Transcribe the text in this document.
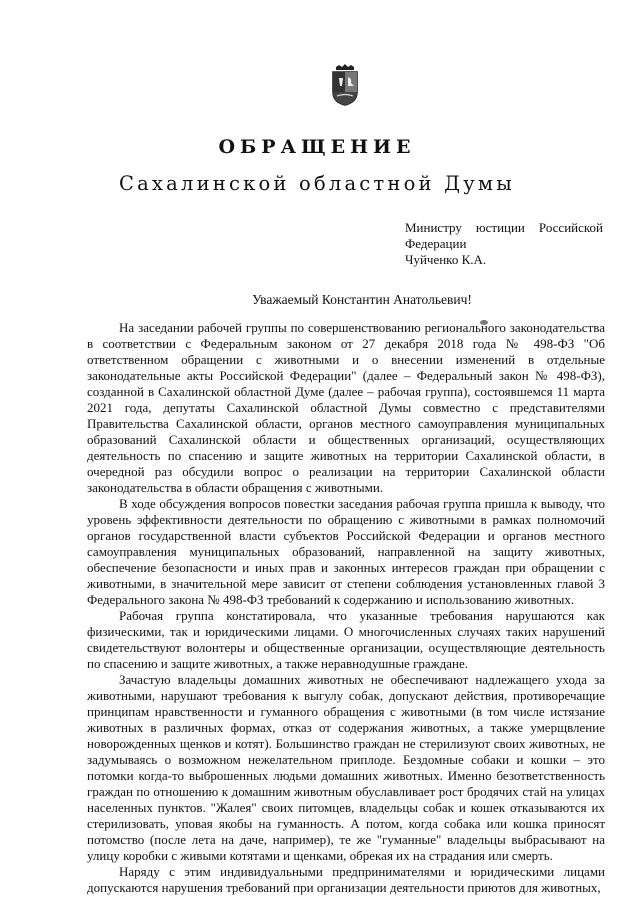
ОБРАЩЕНИЕ
Сахалинской областной Думы
Министру юстиции Российской
Федерации
Чуйченко К.А.
Уважаемый Константин Анатольевич!

На заседании рабочей группы по совершенствованию регионального законодательства в соответствии с Федеральным законом от 27 декабря 2018 года № 498-ФЗ "Об ответственном обращении с животными и о внесении изменений в отдельные законодательные акты Российской Федерации" (далее – Федеральный закон № 498-ФЗ), созданной в Сахалинской областной Думе (далее – рабочая группа), состоявшемся 11 марта 2021 года, депутаты Сахалинской областной Думы совместно с представителями Правительства Сахалинской области, органов местного самоуправления муниципальных образований Сахалинской области и общественных организаций, осуществляющих деятельность по спасению и защите животных на территории Сахалинской области, в очередной раз обсудили вопрос о реализации на территории Сахалинской области законодательства в области обращения с животными.

В ходе обсуждения вопросов повестки заседания рабочая группа пришла к выводу, что уровень эффективности деятельности по обращению с животными в рамках полномочий органов государственной власти субъектов Российской Федерации и органов местного самоуправления муниципальных образований, направленной на защиту животных, обеспечение безопасности и иных прав и законных интересов граждан при обращении с животными, в значительной мере зависит от степени соблюдения установленных главой 3 Федерального закона № 498-ФЗ требований к содержанию и использованию животных.

Рабочая группа констатировала, что указанные требования нарушаются как физическими, так и юридическими лицами. О многочисленных случаях таких нарушений свидетельствуют волонтеры и общественные организации, осуществляющие деятельность по спасению и защите животных, а также неравнодушные граждане.

Зачастую владельцы домашних животных не обеспечивают надлежащего ухода за животными, нарушают требования к выгулу собак, допускают действия, противоречащие принципам нравственности и гуманного обращения с животными (в том числе истязание животных в различных формах, отказ от содержания животных, а также умерщвление новорожденных щенков и котят). Большинство граждан не стерилизуют своих животных, не задумываясь о возможном нежелательном приплоде. Бездомные собаки и кошки – это потомки когда-то выброшенных людьми домашних животных. Именно безответственность граждан по отношению к домашним животным обуславливает рост бродячих стай на улицах населенных пунктов. "Жалея" своих питомцев, владельцы собак и кошек отказываются их стерилизовать, уповая якобы на гуманность. А потом, когда собака или кошка приносят потомство (после лета на даче, например), те же "гуманные" владельцы выбрасывают на улицу коробки с живыми котятами и щенками, обрекая их на страдания или смерть.

Наряду с этим индивидуальными предпринимателями и юридическими лицами допускаются нарушения требований при организации деятельности приютов для животных,
